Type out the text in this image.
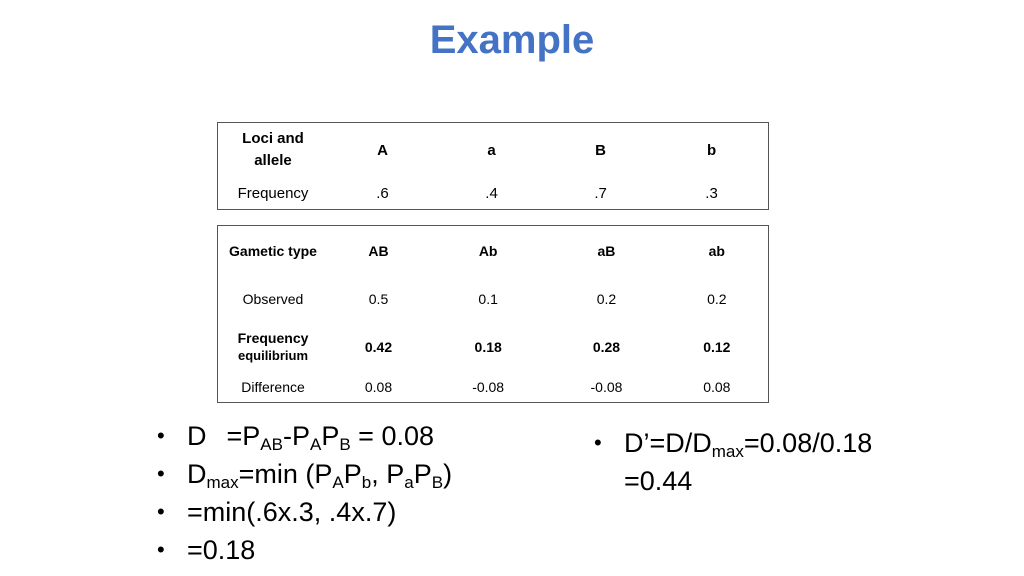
Example
Loci and
allele	A	a	B	b
Frequency	.6	.4	.7	.3
Gametic type	AB	Ab	aB	ab
Observed	0.5	0.1	0.2	0.2

Frequency
equilibrium	0.42	0.18	0.28	0.12
Difference	0.08	-0.08	-0.08	0.08
• $D =P_{AB}-P_AP_B = 0.08$
• $D_{max}=\min$ ($P_AP_b$, $P_aP_B$)
• =min(.6x.3, .4x.7)
• =0.18
• $D’=D/D_{max}=0.08/0.18$
=0.44
